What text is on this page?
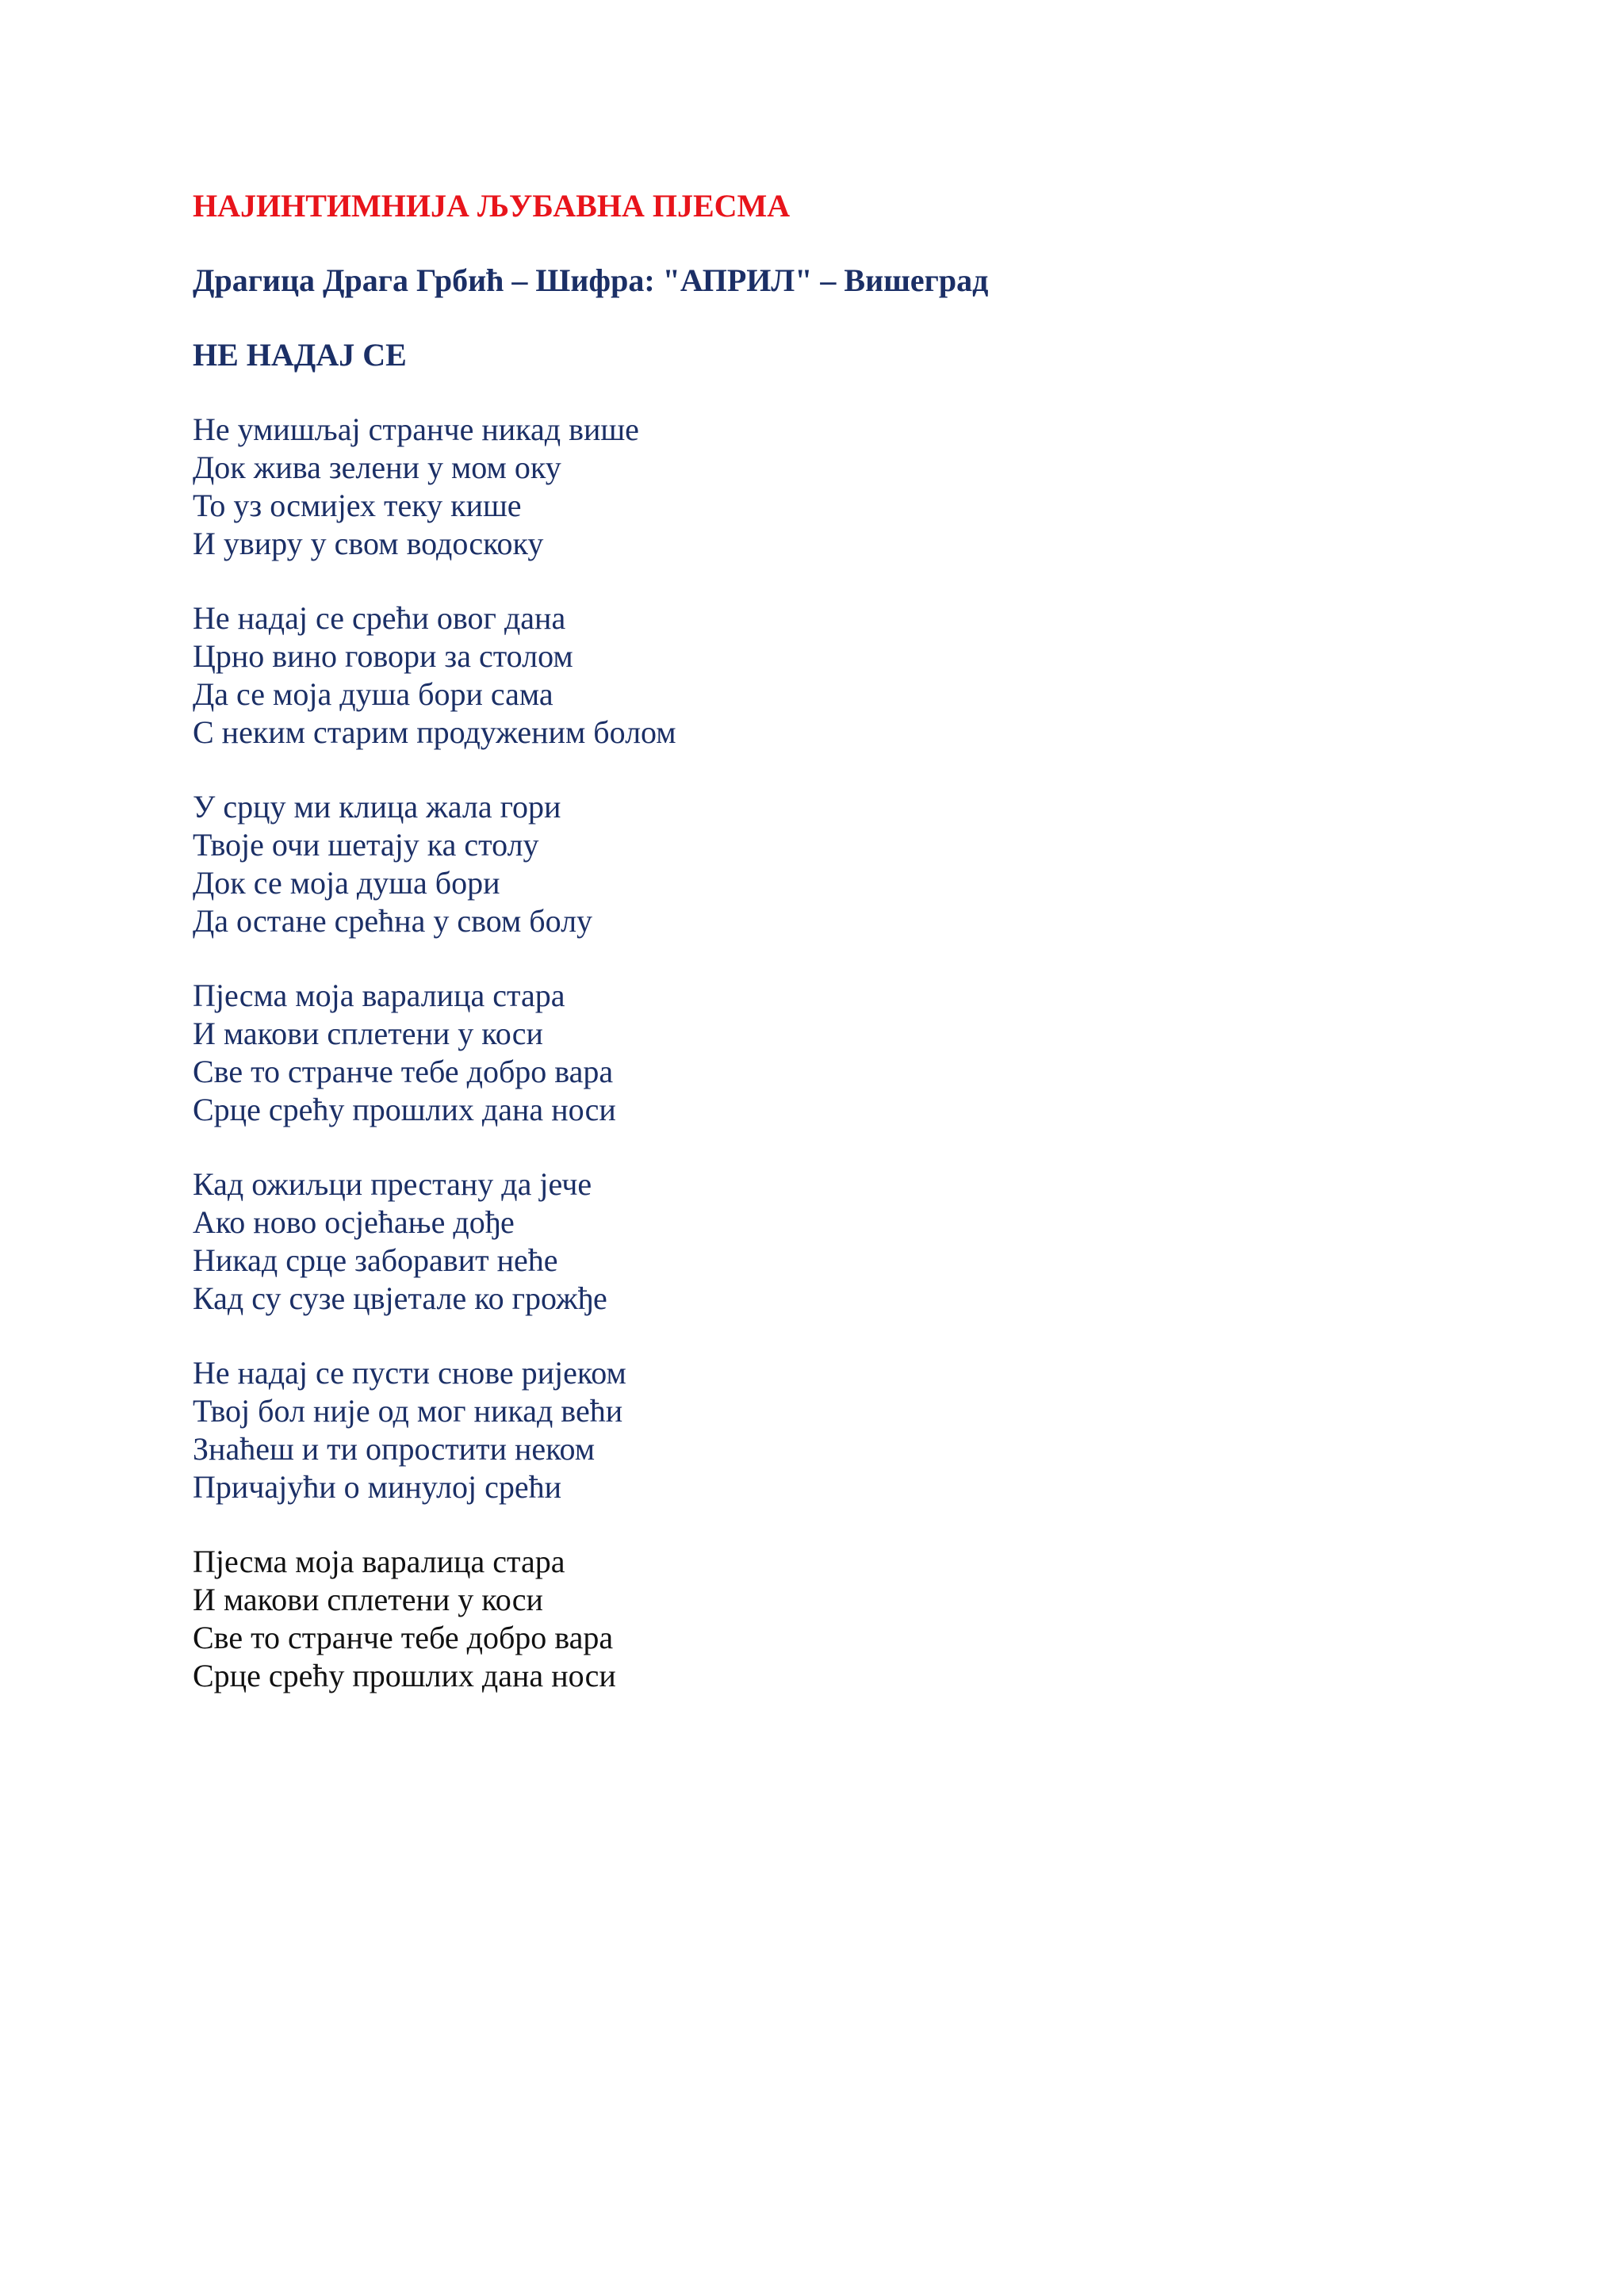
НАЈИНТИМНИЈА ЉУБАВНА ПЈЕСМА
Драгица Драга Грбић – Шифра: "АПРИЛ" – Вишеград
НЕ НАДАЈ СЕ
Не умишљај странче никад више
Док жива зелени у мом оку
То уз осмијех теку кише
И увиру у свом водоскоку
Не надај се срећи овог дана
Црно вино говори за столом
Да се моја душа бори сама
С неким старим продуженим болом
У срцу ми клица жала гори
Твоје очи шетају ка столу
Док се моја душа бори
Да остане срећна у свом болу
Пјесма моја варалица стара
И макови сплетени у коси
Све то странче тебе добро вара
Срце срећу прошлих дана носи
Кад ожиљци престану да јече
Ако ново осјећање дође
Никад срце заборавит неће
Кад су сузе цвјетале ко грожђе
Не надај се пусти снове ријеком
Твој бол није од мог никад већи
Знаћеш и ти опростити неком
Причајући о минулој срећи
Пјесма моја варалица стара
И макови сплетени у коси
Све то странче тебе добро вара
Срце срећу прошлих дана носи
